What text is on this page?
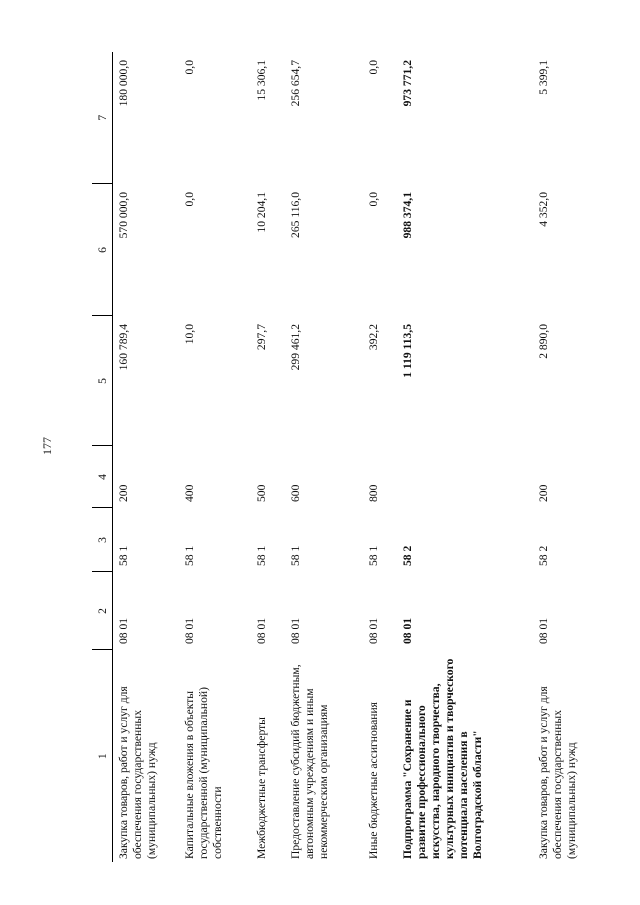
177
1	2	3	4	5	6	7
Закупка товаров, работ и услуг для обеспечения государственных (муниципальных) нужд	08 01	58 1	200	160 789,4	570 000,0	180 000,0
Капитальные вложения в объекты государственной (муниципальной) собственности	08 01	58 1	400	10,0	0,0	0,0
Межбюджетные трансферты	08 01	58 1	500	297,7	10 204,1	15 306,1
Предоставление субсидий бюджетным, автономным учреждениям и иным некоммерческим организациям	08 01	58 1	600	299 461,2	265 116,0	256 654,7
Иные бюджетные ассигнования	08 01	58 1	800	392,2	0,0	0,0
Подпрограмма "Сохранение и развитие профессионального искусства, народного творчества, культурных инициатив и творческого потенциала населения в Волгоградской области"	08 01	58 2		1 119 113,5	988 374,1	973 771,2
Закупка товаров, работ и услуг для обеспечения государственных (муниципальных) нужд	08 01	58 2	200	2 890,0	4 352,0	5 399,1
